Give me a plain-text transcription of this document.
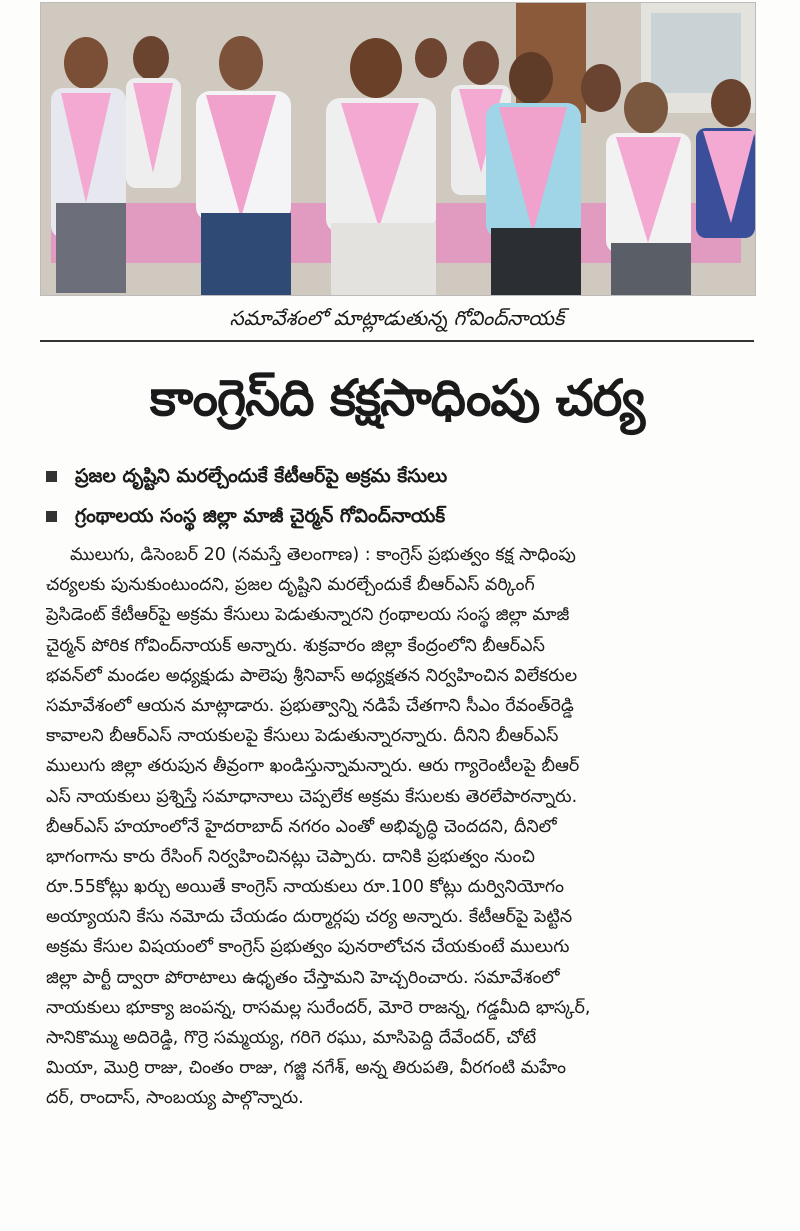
సమావేశంలో మాట్లాడుతున్న గోవింద్‌నాయక్
కాంగ్రెస్‌ది కక్షసాధింపు చర్య
ప్రజల దృష్టిని మరల్చేందుకే కేటీఆర్‌పై అక్రమ కేసులు
గ్రంథాలయ సంస్థ జిల్లా మాజీ చైర్మన్ గోవింద్‌నాయక్
ములుగు, డిసెంబర్ 20 (నమస్తే తెలంగాణ) : కాంగ్రెస్ ప్రభుత్వం కక్ష సాధింపు
చర్యలకు పునుకుంటుందని, ప్రజల దృష్టిని మరల్చేందుకే బీఆర్ఎస్ వర్కింగ్
ప్రెసిడెంట్ కేటీఆర్‌పై అక్రమ కేసులు పెడుతున్నారని గ్రంథాలయ సంస్థ జిల్లా మాజీ
చైర్మన్ పోరిక గోవింద్‌నాయక్ అన్నారు. శుక్రవారం జిల్లా కేంద్రంలోని బీఆర్ఎస్
భవన్‌లో మండల అధ్యక్షుడు పాలెపు శ్రీనివాస్ అధ్యక్షతన నిర్వహించిన విలేకరుల
సమావేశంలో ఆయన మాట్లాడారు. ప్రభుత్వాన్ని నడిపే చేతగాని సీఎం రేవంత్‌రెడ్డి
కావాలని బీఆర్ఎస్ నాయకులపై కేసులు పెడుతున్నారన్నారు. దీనిని బీఆర్ఎస్
ములుగు జిల్లా తరుపున తీవ్రంగా ఖండిస్తున్నామన్నారు. ఆరు గ్యారెంటీలపై బీఆర్
ఎస్ నాయకులు ప్రశ్నిస్తే సమాధానాలు చెప్పలేక అక్రమ కేసులకు తెరలేపారన్నారు.
బీఆర్ఎస్ హయాంలోనే హైదరాబాద్ నగరం ఎంతో అభివృద్ధి చెందదని, దీనిలో
భాగంగాను కారు రేసింగ్ నిర్వహించినట్లు చెప్పారు. దానికి ప్రభుత్వం నుంచి
రూ.55కోట్లు ఖర్చు అయితే కాంగ్రెస్ నాయకులు రూ.100 కోట్లు దుర్వినియోగం
అయ్యాయని కేసు నమోదు చేయడం దుర్మార్గపు చర్య అన్నారు. కేటీఆర్‌పై పెట్టిన
అక్రమ కేసుల విషయంలో కాంగ్రెస్ ప్రభుత్వం పునరాలోచన చేయకుంటే ములుగు
జిల్లా పార్టీ ద్వారా పోరాటాలు ఉధృతం చేస్తామని హెచ్చరించారు. సమావేశంలో
నాయకులు భూక్యా జంపన్న, రాసమల్ల సురేందర్, మోరె రాజన్న, గడ్డమీది భాస్కర్,
సానికొమ్ము అదిరెడ్డి, గొర్రె సమ్మయ్య, గరిగె రఘు, మాసిపెద్ది దేవేందర్, చోటే
మియా, మొర్రి రాజు, చింతం రాజు, గజ్జి నగేశ్, అన్న తిరుపతి, వీరగంటి మహేం
దర్, రాందాస్, సాంబయ్య పాల్గొన్నారు.
